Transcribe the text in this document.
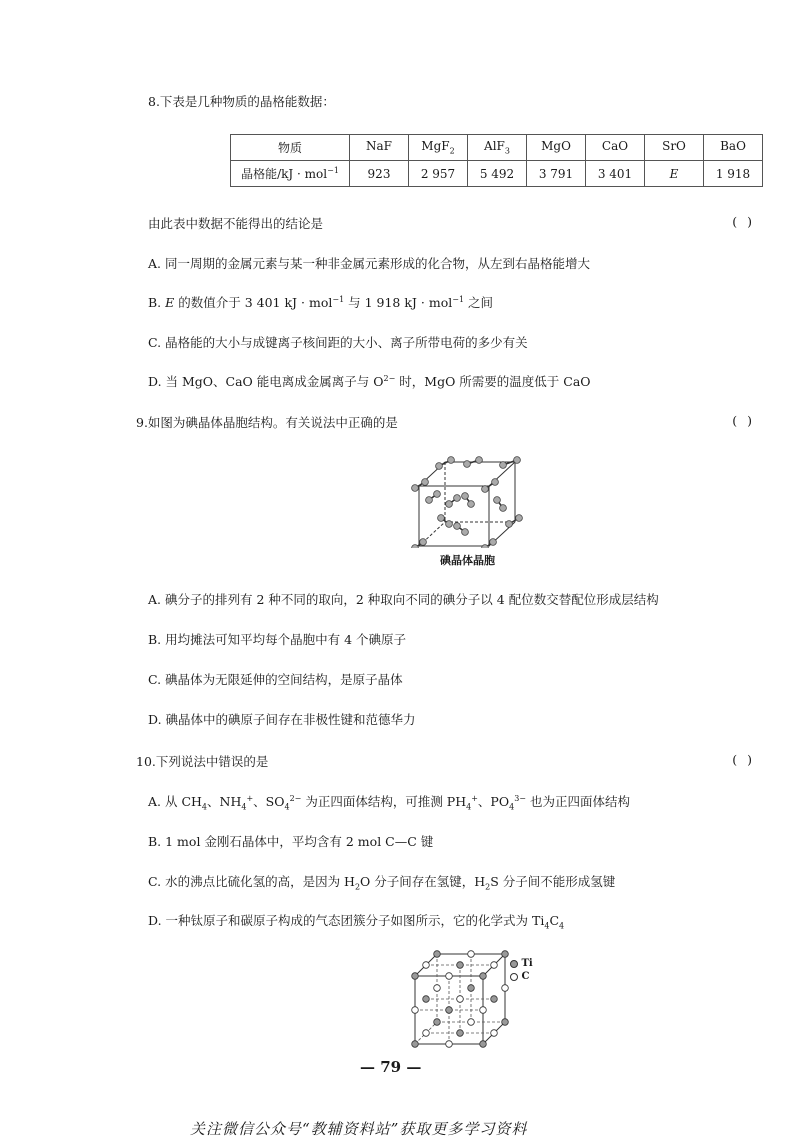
8.下表是几种物质的晶格能数据：
物质	NaF	MgF$_2$	AlF$_3$	MgO	CaO	SrO	BaO
晶格能/kJ · mol$^{-1}$	923	2 957	5 492	3 791	3 401	E	1 918
由此表中数据不能得出的结论是	()
A. 同一周期的金属元素与某一种非金属元素形成的化合物，从左到右晶格能增大
B. E 的数值介于 3 401 kJ · mol$^{-1}$ 与 1 918 kJ · mol$^{-1}$ 之间
C. 晶格能的大小与成键离子核间距的大小、离子所带电荷的多少有关
D. 当 MgO、CaO 能电离成金属离子与 $O^{2-}$ 时，MgO 所需要的温度低于 CaO
9.如图为碘晶体晶胞结构。有关说法中正确的是	()
碘晶体晶胞
A. 碘分子的排列有 2 种不同的取向，2 种取向不同的碘分子以 4 配位数交替配位形成层结构
B. 用均摊法可知平均每个晶胞中有 4 个碘原子
C. 碘晶体为无限延伸的空间结构，是原子晶体
D. 碘晶体中的碘原子间存在非极性键和范德华力
10.下列说法中错误的是	()
A. 从 $CH_4$、$NH_4^+$、$SO_4^{2-}$ 为正四面体结构，可推测 $PH_4^+$、$PO_4^{3-}$ 也为正四面体结构
B. 1 mol 金刚石晶体中，平均含有 2 mol C—C 键
C. 水的沸点比硫化氢的高，是因为 $H_2O$ 分子间存在氢键，$H_2S$ 分子间不能形成氢键
D. 一种钛原子和碳原子构成的气态团簇分子如图所示，它的化学式为 $Ti_4C_4$
Ti
C
— 79 —
关注微信公众号“教辅资料站”获取更多学习资料
